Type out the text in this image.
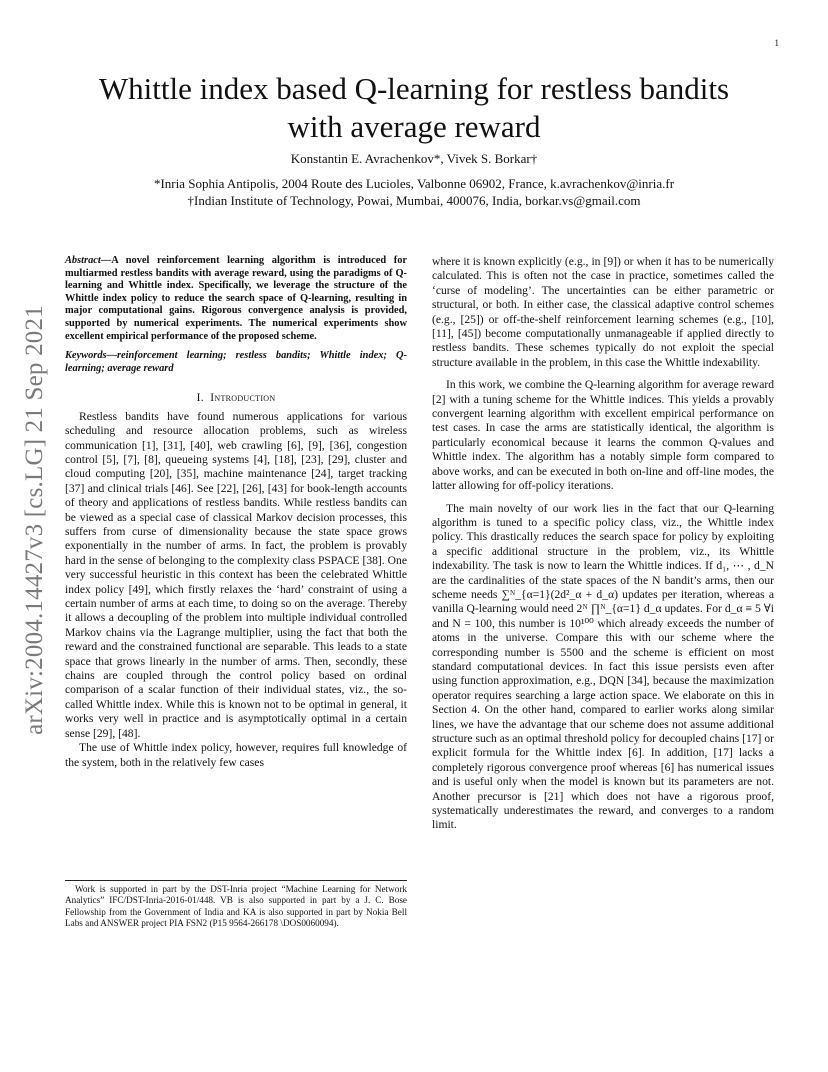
1
arXiv:2004.14427v3 [cs.LG] 21 Sep 2021
Whittle index based Q-learning for restless bandits
with average reward
Konstantin E. Avrachenkov*, Vivek S. Borkar†
*Inria Sophia Antipolis, 2004 Route des Lucioles, Valbonne 06902, France, k.avrachenkov@inria.fr
†Indian Institute of Technology, Powai, Mumbai, 400076, India, borkar.vs@gmail.com
Abstract—A novel reinforcement learning algorithm is introduced for multiarmed restless bandits with average reward, using the paradigms of Q-learning and Whittle index. Specifically, we leverage the structure of the Whittle index policy to reduce the search space of Q-learning, resulting in major computational gains. Rigorous convergence analysis is provided, supported by numerical experiments. The numerical experiments show excellent empirical performance of the proposed scheme.
Keywords—reinforcement learning; restless bandits; Whittle index; Q-learning; average reward
I. Introduction

Restless bandits have found numerous applications for various scheduling and resource allocation problems, such as wireless communication [1], [31], [40], web crawling [6], [9], [36], congestion control [5], [7], [8], queueing systems [4], [18], [23], [29], cluster and cloud computing [20], [35], machine maintenance [24], target tracking [37] and clinical trials [46]. See [22], [26], [43] for book-length accounts of theory and applications of restless bandits. While restless bandits can be viewed as a special case of classical Markov decision processes, this suffers from curse of dimensionality because the state space grows exponentially in the number of arms. In fact, the problem is provably hard in the sense of belonging to the complexity class PSPACE [38]. One very successful heuristic in this context has been the celebrated Whittle index policy [49], which firstly relaxes the ‘hard’ constraint of using a certain number of arms at each time, to doing so on the average. Thereby it allows a decoupling of the problem into multiple individual controlled Markov chains via the Lagrange multiplier, using the fact that both the reward and the constrained functional are separable. This leads to a state space that grows linearly in the number of arms. Then, secondly, these chains are coupled through the control policy based on ordinal comparison of a scalar function of their individual states, viz., the so-called Whittle index. While this is known not to be optimal in general, it works very well in practice and is asymptotically optimal in a certain sense [29], [48].

The use of Whittle index policy, however, requires full knowledge of the system, both in the relatively few cases

Work is supported in part by the DST-Inria project “Machine Learning for Network Analytics” IFC/DST-Inria-2016-01/448. VB is also supported in part by a J. C. Bose Fellowship from the Government of India and KA is also supported in part by Nokia Bell Labs and ANSWER project PIA FSN2 (P15 9564-266178 \DOS0060094).

where it is known explicitly (e.g., in [9]) or when it has to be numerically calculated. This is often not the case in practice, sometimes called the ‘curse of modeling’. The uncertainties can be either parametric or structural, or both. In either case, the classical adaptive control schemes (e.g., [25]) or off-the-shelf reinforcement learning schemes (e.g., [10], [11], [45]) become computationally unmanageable if applied directly to restless bandits. These schemes typically do not exploit the special structure available in the problem, in this case the Whittle indexability.

In this work, we combine the Q-learning algorithm for average reward [2] with a tuning scheme for the Whittle indices. This yields a provably convergent learning algorithm with excellent empirical performance on test cases. In case the arms are statistically identical, the algorithm is particularly economical because it learns the common Q-values and Whittle index. The algorithm has a notably simple form compared to above works, and can be executed in both on-line and off-line modes, the latter allowing for off-policy iterations.

The main novelty of our work lies in the fact that our Q-learning algorithm is tuned to a specific policy class, viz., the Whittle index policy. This drastically reduces the search space for policy by exploiting a specific additional structure in the problem, viz., its Whittle indexability. The task is now to learn the Whittle indices. If d₁, ⋯ , d_N are the cardinalities of the state spaces of the N bandit’s arms, then our scheme needs ∑ᴺ_{α=1}(2d²_α + d_α) updates per iteration, whereas a vanilla Q-learning would need 2ᴺ ∏ᴺ_{α=1} d_α updates. For d_α ≡ 5 ∀i and N = 100, this number is 10¹⁰⁰ which already exceeds the number of atoms in the universe. Compare this with our scheme where the corresponding number is 5500 and the scheme is efficient on most standard computational devices. In fact this issue persists even after using function approximation, e.g., DQN [34], because the maximization operator requires searching a large action space. We elaborate on this in Section 4. On the other hand, compared to earlier works along similar lines, we have the advantage that our scheme does not assume additional structure such as an optimal threshold policy for decoupled chains [17] or explicit formula for the Whittle index [6]. In addition, [17] lacks a completely rigorous convergence proof whereas [6] has numerical issues and is useful only when the model is known but its parameters are not. Another precursor is [21] which does not have a rigorous proof, systematically underestimates the reward, and converges to a random limit.
